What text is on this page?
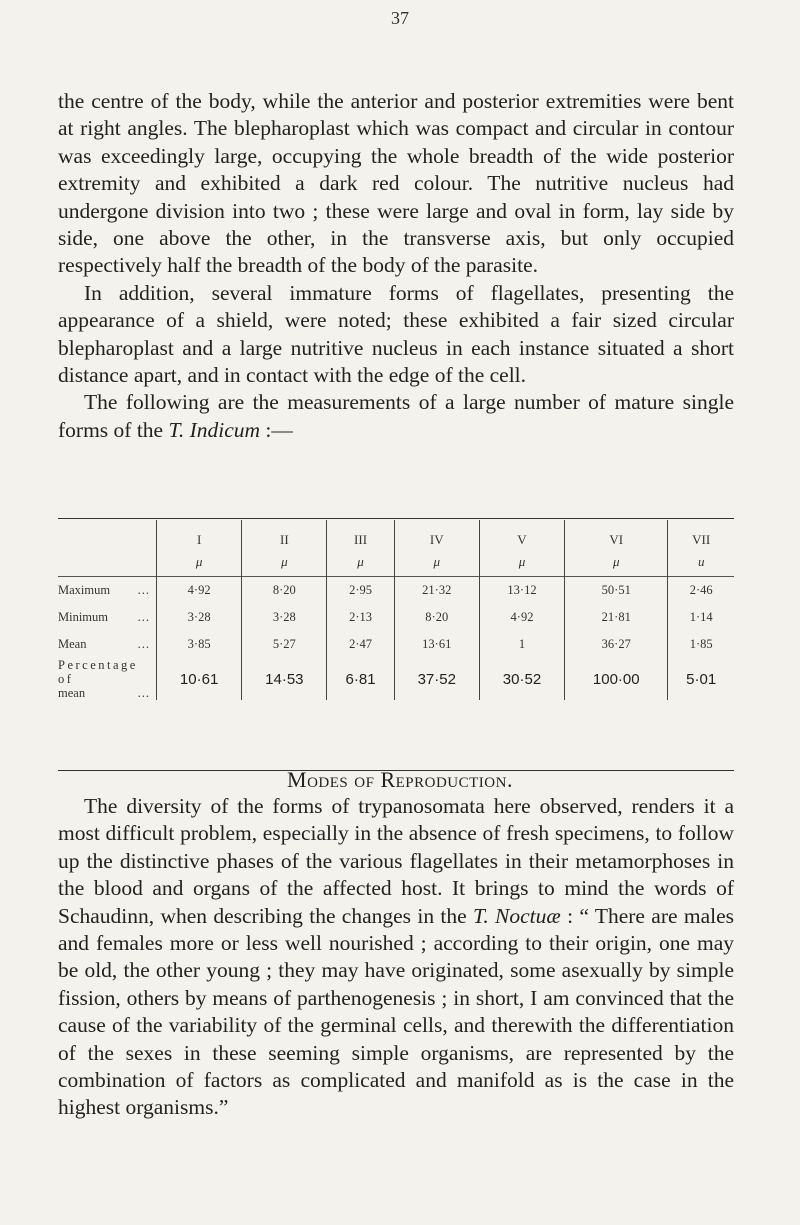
37

the centre of the body, while the anterior and posterior extremities were bent at right angles. The blepharoplast which was compact and circular in contour was exceedingly large, occupying the whole breadth of the wide posterior extremity and exhibited a dark red colour. The nutritive nucleus had undergone division into two ; these were large and oval in form, lay side by side, one above the other, in the transverse axis, but only occupied respectively half the breadth of the body of the parasite.

In addition, several immature forms of flagellates, presenting the appearance of a shield, were noted; these exhibited a fair sized circular blepharoplast and a large nutritive nucleus in each instance situated a short distance apart, and in contact with the edge of the cell.

The following are the measurements of a large number of mature single forms of the T. Indicum :—

	I	II	III	IV	V	VI	VII
	μ	μ	μ	μ	μ	μ	u
Maximum ...	4·92	8·20	2·95	21·32	13·12	50·51	2·46
Minimum ...	3·28	3·28	2·13	8·20	4·92	21·81	1·14
Mean ...	3·85	5·27	2·47	13·61	1	36·27	1·85
Percentage of
mean ...	10·61	14·53	6·81	37·52	30·52	100·00	5·01
Modes of Reproduction.

The diversity of the forms of trypanosomata here observed, renders it a most difficult problem, especially in the absence of fresh specimens, to follow up the distinctive phases of the various flagellates in their metamorphoses in the blood and organs of the affected host. It brings to mind the words of Schaudinn, when describing the changes in the T. Noctuæ : “ There are males and females more or less well nourished ; according to their origin, one may be old, the other young ; they may have originated, some asexually by simple fission, others by means of parthenogenesis ; in short, I am convinced that the cause of the variability of the germinal cells, and therewith the differentiation of the sexes in these seeming simple organisms, are represented by the combination of factors as complicated and manifold as is the case in the highest organisms.”
